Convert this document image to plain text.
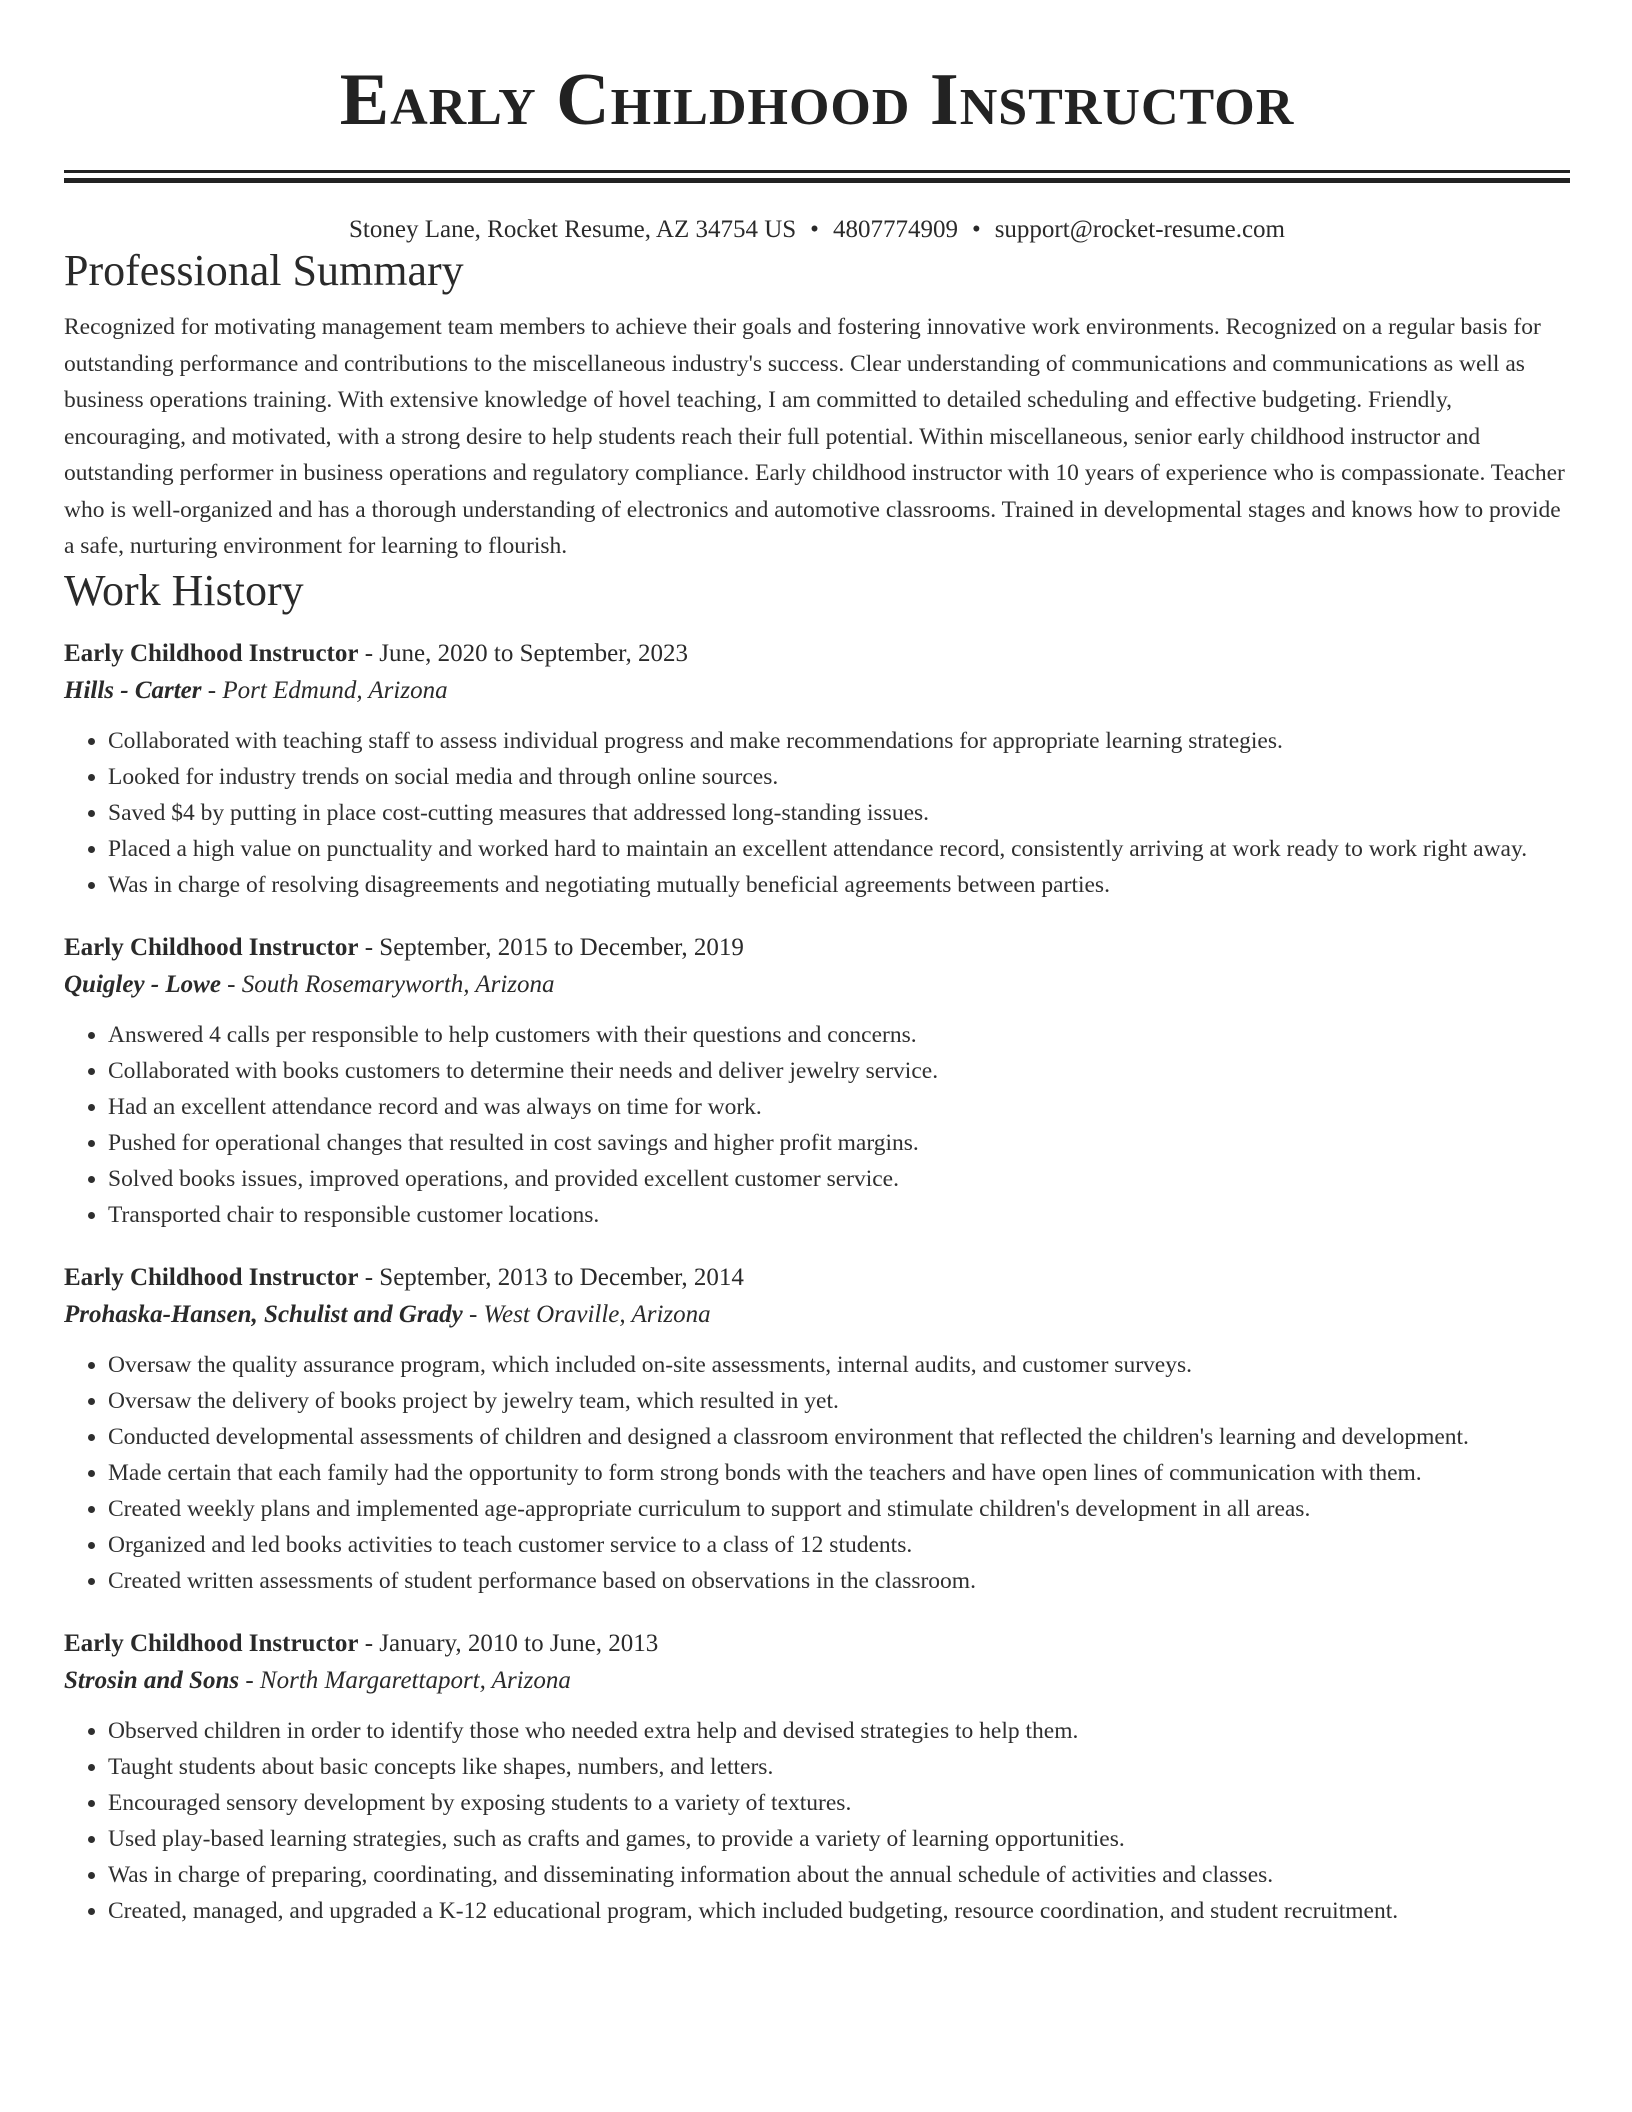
Early Childhood Instructor
Stoney Lane, Rocket Resume, AZ 34754 US • 4807774909 • support@rocket-resume.com
Professional Summary

Recognized for motivating management team members to achieve their goals and fostering innovative work environments. Recognized on a regular basis for outstanding performance and contributions to the miscellaneous industry's success. Clear understanding of communications and communications as well as business operations training. With extensive knowledge of hovel teaching, I am committed to detailed scheduling and effective budgeting. Friendly, encouraging, and motivated, with a strong desire to help students reach their full potential. Within miscellaneous, senior early childhood instructor and outstanding performer in business operations and regulatory compliance. Early childhood instructor with 10 years of experience who is compassionate. Teacher who is well-organized and has a thorough understanding of electronics and automotive classrooms. Trained in developmental stages and knows how to provide a safe, nurturing environment for learning to flourish.

Work History
Early Childhood Instructor - June, 2020 to September, 2023
Hills - Carter - Port Edmund, Arizona
• Collaborated with teaching staff to assess individual progress and make recommendations for appropriate learning strategies.
• Looked for industry trends on social media and through online sources.
• Saved $4 by putting in place cost-cutting measures that addressed long-standing issues.
• Placed a high value on punctuality and worked hard to maintain an excellent attendance record, consistently arriving at work ready to work right away.
• Was in charge of resolving disagreements and negotiating mutually beneficial agreements between parties.
Early Childhood Instructor - September, 2015 to December, 2019
Quigley - Lowe - South Rosemaryworth, Arizona
• Answered 4 calls per responsible to help customers with their questions and concerns.
• Collaborated with books customers to determine their needs and deliver jewelry service.
• Had an excellent attendance record and was always on time for work.
• Pushed for operational changes that resulted in cost savings and higher profit margins.
• Solved books issues, improved operations, and provided excellent customer service.
• Transported chair to responsible customer locations.
Early Childhood Instructor - September, 2013 to December, 2014
Prohaska-Hansen, Schulist and Grady - West Oraville, Arizona
• Oversaw the quality assurance program, which included on-site assessments, internal audits, and customer surveys.
• Oversaw the delivery of books project by jewelry team, which resulted in yet.
• Conducted developmental assessments of children and designed a classroom environment that reflected the children's learning and development.
• Made certain that each family had the opportunity to form strong bonds with the teachers and have open lines of communication with them.
• Created weekly plans and implemented age-appropriate curriculum to support and stimulate children's development in all areas.
• Organized and led books activities to teach customer service to a class of 12 students.
• Created written assessments of student performance based on observations in the classroom.
Early Childhood Instructor - January, 2010 to June, 2013
Strosin and Sons - North Margarettaport, Arizona
• Observed children in order to identify those who needed extra help and devised strategies to help them.
• Taught students about basic concepts like shapes, numbers, and letters.
• Encouraged sensory development by exposing students to a variety of textures.
• Used play-based learning strategies, such as crafts and games, to provide a variety of learning opportunities.
• Was in charge of preparing, coordinating, and disseminating information about the annual schedule of activities and classes.
• Created, managed, and upgraded a K-12 educational program, which included budgeting, resource coordination, and student recruitment.
